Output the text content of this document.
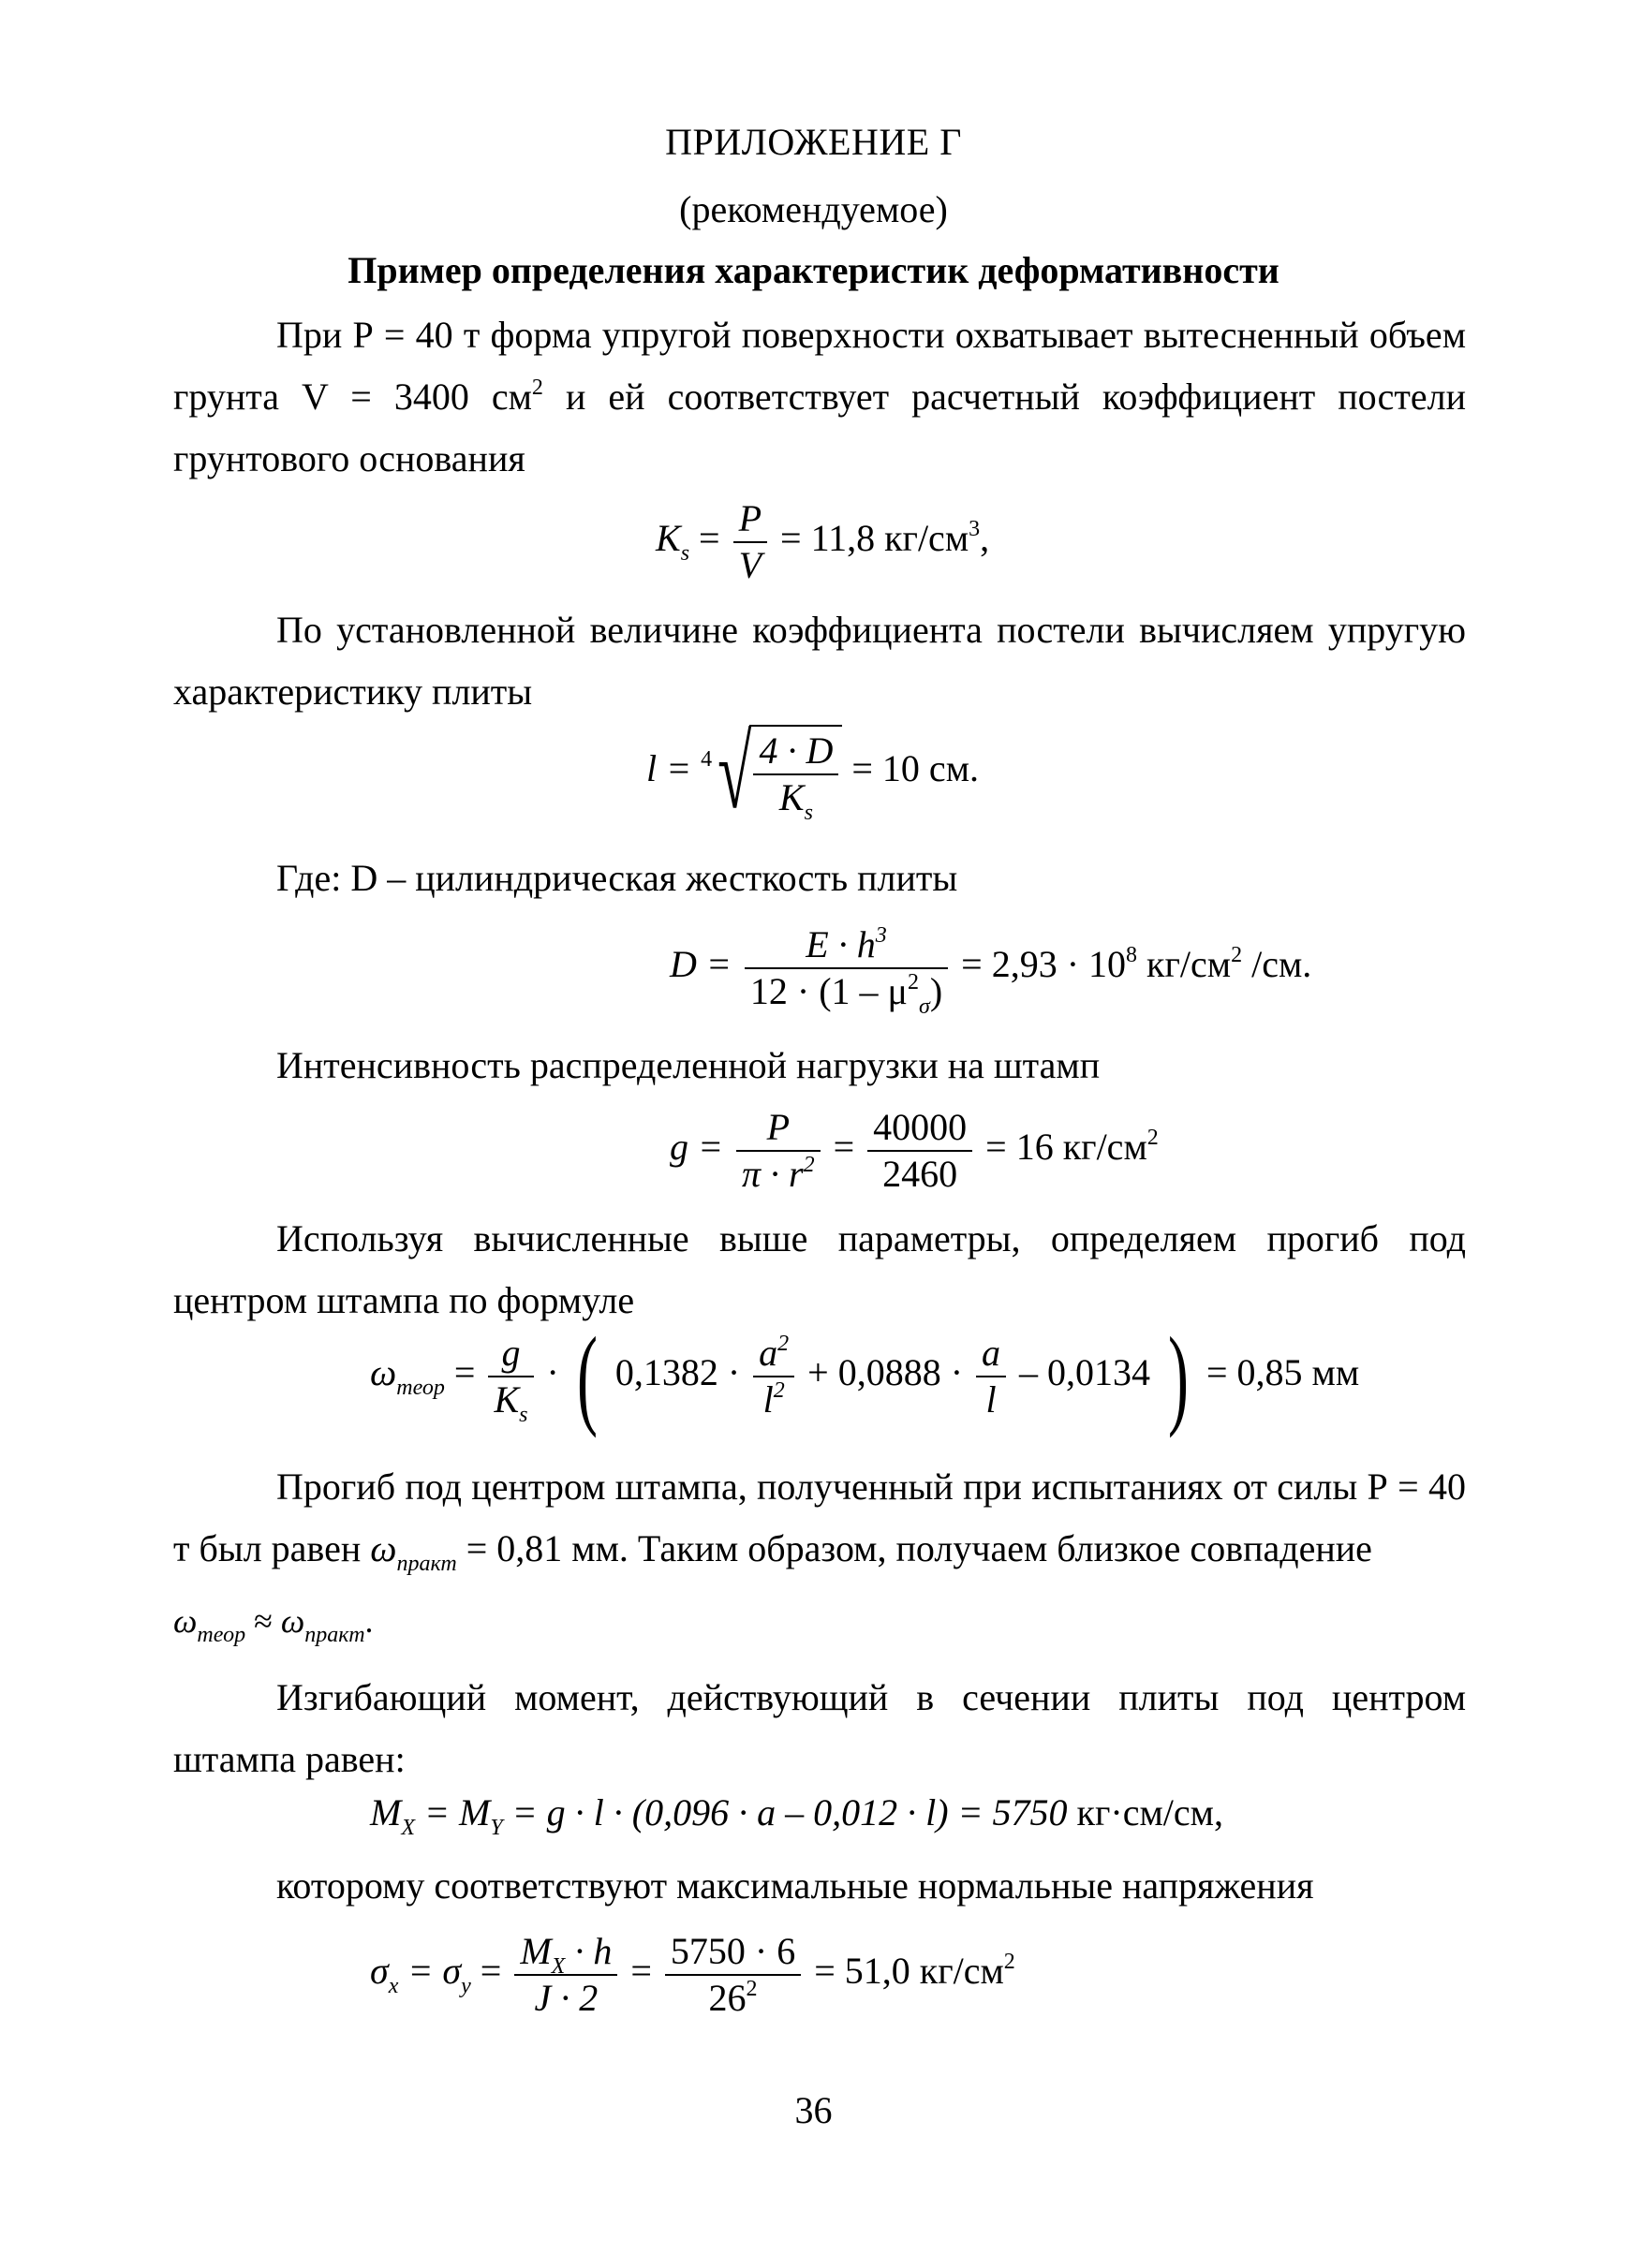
ПРИЛОЖЕНИЕ Г
(рекомендуемое)
Пример определения характеристик деформативности
При Р = 40 т форма упругой поверхности охватывает вытесненный объем грунта V = 3400 $см^2$ и ей соответствует расчетный коэффициент постели грунтового основания
$K_s = \frac{P}{V} = 11,8$ $кг/см^3$,
По установленной величине коэффициента постели вычисляем упругую характеристику плиты
$l = ^4√ \frac{4 \cdot D}{K_s} = 10$ см.
Где: D – цилиндрическая жесткость плиты
$D = \frac{E \cdot h^3}{12 \cdot (1 - \mu^2_\sigma)} = 2,93 \cdot 10^8$ $кг/см^2$ /см.
Интенсивность распределенной нагрузки на штамп
$g = \frac{P}{\pi \cdot r^2} = \frac{40000}{2460} = 16$ $кг/см^2$
Используя вычисленные выше параметры, определяем прогиб под центром штампа по формуле
$\omega_{теор} = \frac{g}{K_s}$ · ( $0,1382 \cdot \frac{a^2}{l^2} + 0,0888 \cdot \frac{a}{l} - 0,0134$ ) = 0,85 мм
Прогиб под центром штампа, полученный при испытаниях от силы Р = 40 т был равен $\omega_{практ} = 0,81$ мм. Таким образом, получаем близкое совпадение
$\omega_{теор} \approx \omega_{практ}$.
Изгибающий момент, действующий в сечении плиты под центром штампа равен:
$M_X = M_Y = g \cdot l \cdot (0,096 \cdot a - 0,012 \cdot l) = 5750$ кг·см/см,
которому соответствуют максимальные нормальные напряжения
$\sigma_x = \sigma_y = \frac{M_X \cdot h}{J \cdot 2} = \frac{5750 \cdot 6}{26^2} = 51,0$ $кг/см^2$
36
